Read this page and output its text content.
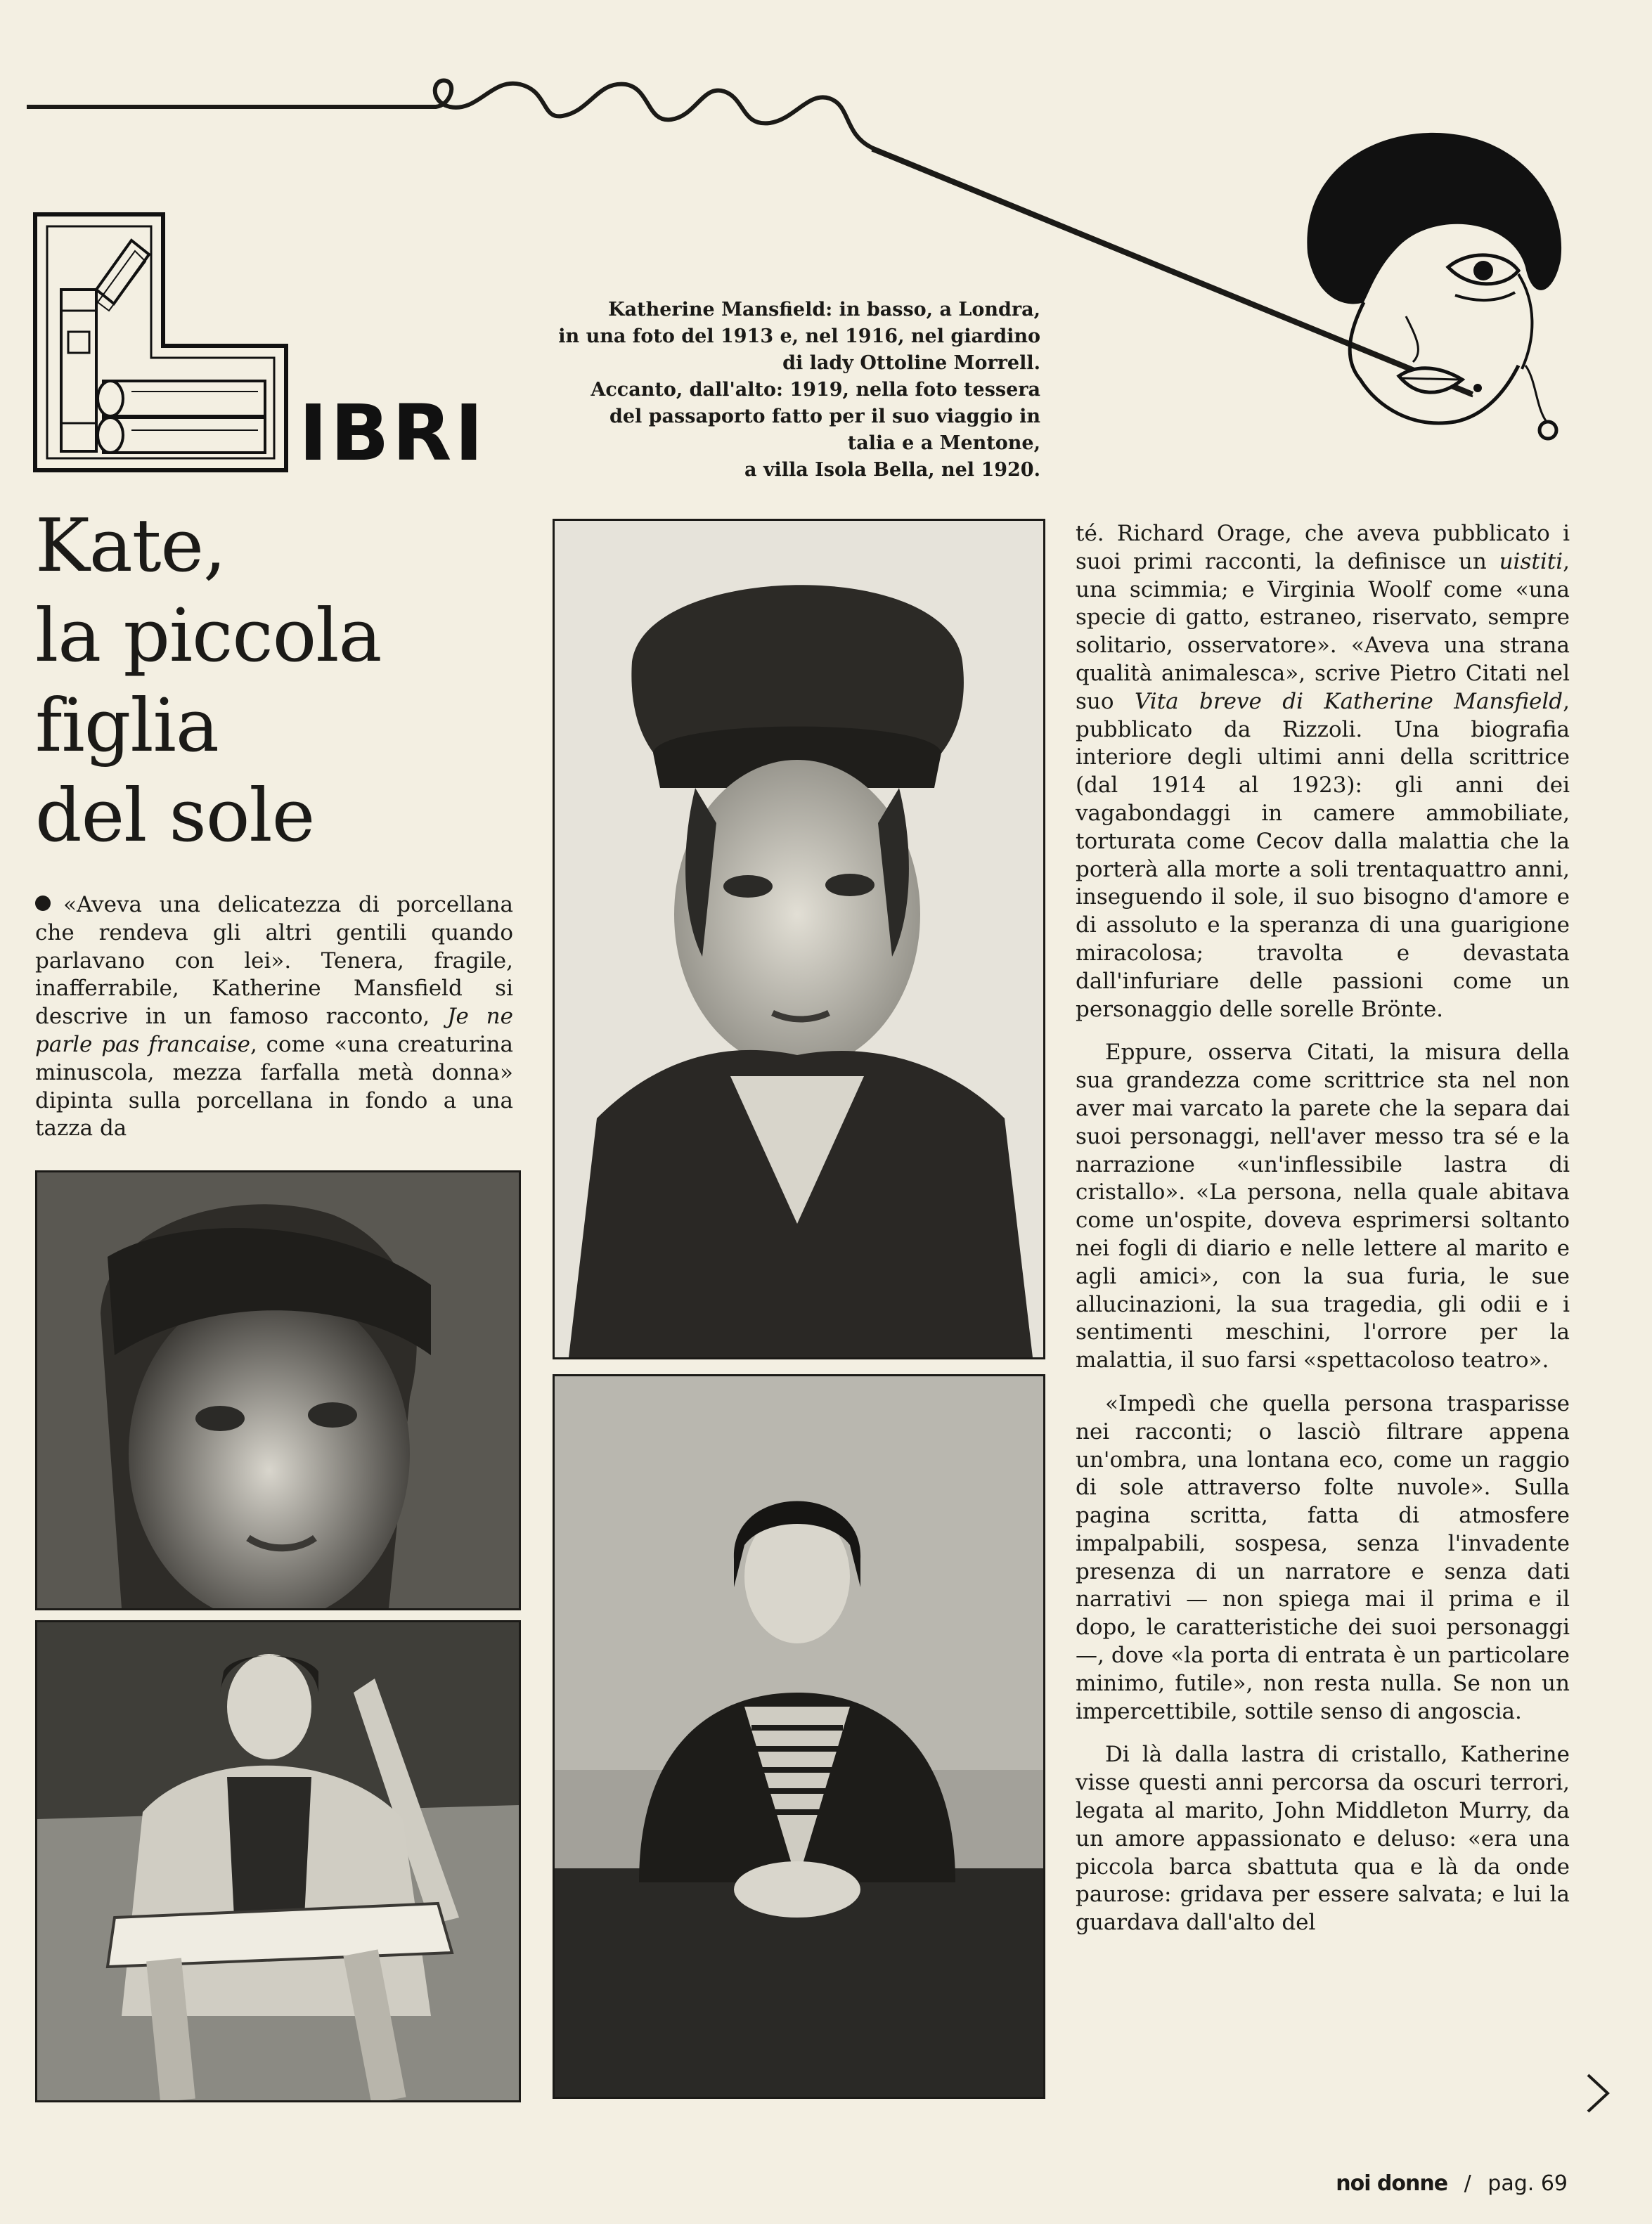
IBRI
Katherine Mansfield: in basso, a Londra,
in una foto del 1913 e, nel 1916, nel giardino
di lady Ottoline Morrell.
Accanto, dall'alto: 1919, nella foto tessera
del passaporto fatto per il suo viaggio in
talia e a Mentone,
a villa Isola Bella, nel 1920.
Kate,
la piccola
figlia
del sole

«Aveva una delicatezza di porcellana che rendeva gli altri gentili quando parlavano con lei». Tenera, fragile, inafferrabile, Katherine Mansfield si descrive in un famoso racconto, Je ne parle pas francaise, come «una creaturina minuscola, mezza farfalla metà donna» dipinta sulla porcellana in fondo a una tazza da

té. Richard Orage, che aveva pubblicato i suoi primi racconti, la definisce un uistiti, una scimmia; e Virginia Woolf come «una specie di gatto, estraneo, riservato, sempre solitario, osservatore». «Aveva una strana qualità animalesca», scrive Pietro Citati nel suo Vita breve di Katherine Mansfield, pubblicato da Rizzoli. Una biografia interiore degli ultimi anni della scrittrice (dal 1914 al 1923): gli anni dei vagabondaggi in camere ammobiliate, torturata come Cecov dalla malattia che la porterà alla morte a soli trentaquattro anni, inseguendo il sole, il suo bisogno d'amore e di assoluto e la speranza di una guarigione miracolosa; travolta e devastata dall'infuriare delle passioni come un personaggio delle sorelle Brönte.

Eppure, osserva Citati, la misura della sua grandezza come scrittrice sta nel non aver mai varcato la parete che la separa dai suoi personaggi, nell'aver messo tra sé e la narrazione «un'inflessibile lastra di cristallo». «La persona, nella quale abitava come un'ospite, doveva esprimersi soltanto nei fogli di diario e nelle lettere al marito e agli amici», con la sua furia, le sue allucinazioni, la sua tragedia, gli odii e i sentimenti meschini, l'orrore per la malattia, il suo farsi «spettacoloso teatro».

«Impedì che quella persona trasparisse nei racconti; o lasciò filtrare appena un'ombra, una lontana eco, come un raggio di sole attraverso folte nuvole». Sulla pagina scritta, fatta di atmosfere impalpabili, sospesa, senza l'invadente presenza di un narratore e senza dati narrativi — non spiega mai il prima e il dopo, le caratteristiche dei suoi personaggi —, dove «la porta di entrata è un particolare minimo, futile», non resta nulla. Se non un impercettibile, sottile senso di angoscia.

Di là dalla lastra di cristallo, Katherine visse questi anni percorsa da oscuri terrori, legata al marito, John Middleton Murry, da un amore appassionato e deluso: «era una piccola barca sbattuta qua e là da onde paurose: gridava per essere salvata; e lui la guardava dall'alto del

noi donne / pag. 69
